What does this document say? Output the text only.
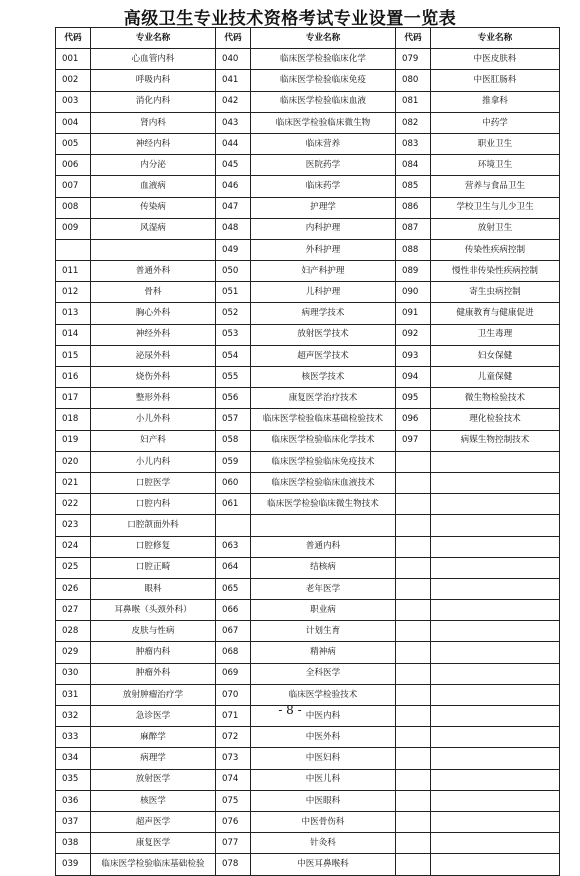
高级卫生专业技术资格考试专业设置一览表
代码	专业名称	代码	专业名称	代码	专业名称
001	心血管内科	040	临床医学检验临床化学	079	中医皮肤科
002	呼吸内科	041	临床医学检验临床免疫	080	中医肛肠科
003	消化内科	042	临床医学检验临床血液	081	推拿科
004	肾内科	043	临床医学检验临床微生物	082	中药学
005	神经内科	044	临床营养	083	职业卫生
006	内分泌	045	医院药学	084	环境卫生
007	血液病	046	临床药学	085	营养与食品卫生
008	传染病	047	护理学	086	学校卫生与儿少卫生
009	风湿病	048	内科护理	087	放射卫生
		049	外科护理	088	传染性疾病控制
011	普通外科	050	妇产科护理	089	慢性非传染性疾病控制
012	骨科	051	儿科护理	090	寄生虫病控制
013	胸心外科	052	病理学技术	091	健康教育与健康促进
014	神经外科	053	放射医学技术	092	卫生毒理
015	泌尿外科	054	超声医学技术	093	妇女保健
016	烧伤外科	055	核医学技术	094	儿童保健
017	整形外科	056	康复医学治疗技术	095	微生物检验技术
018	小儿外科	057	临床医学检验临床基础检验技术	096	理化检验技术
019	妇产科	058	临床医学检验临床化学技术	097	病媒生物控制技术
020	小儿内科	059	临床医学检验临床免疫技术		
021	口腔医学	060	临床医学检验临床血液技术		
022	口腔内科	061	临床医学检验临床微生物技术		
023	口腔颌面外科				
024	口腔修复	063	普通内科		
025	口腔正畸	064	结核病		
026	眼科	065	老年医学		
027	耳鼻喉（头颈外科）	066	职业病		
028	皮肤与性病	067	计划生育		
029	肿瘤内科	068	精神病		
030	肿瘤外科	069	全科医学		
031	放射肿瘤治疗学	070	临床医学检验技术		
032	急诊医学	071	中医内科		
033	麻醉学	072	中医外科		
034	病理学	073	中医妇科		
035	放射医学	074	中医儿科		
036	核医学	075	中医眼科		
037	超声医学	076	中医骨伤科		
038	康复医学	077	针灸科		
039	临床医学检验临床基础检验	078	中医耳鼻喉科		
- 8 -
